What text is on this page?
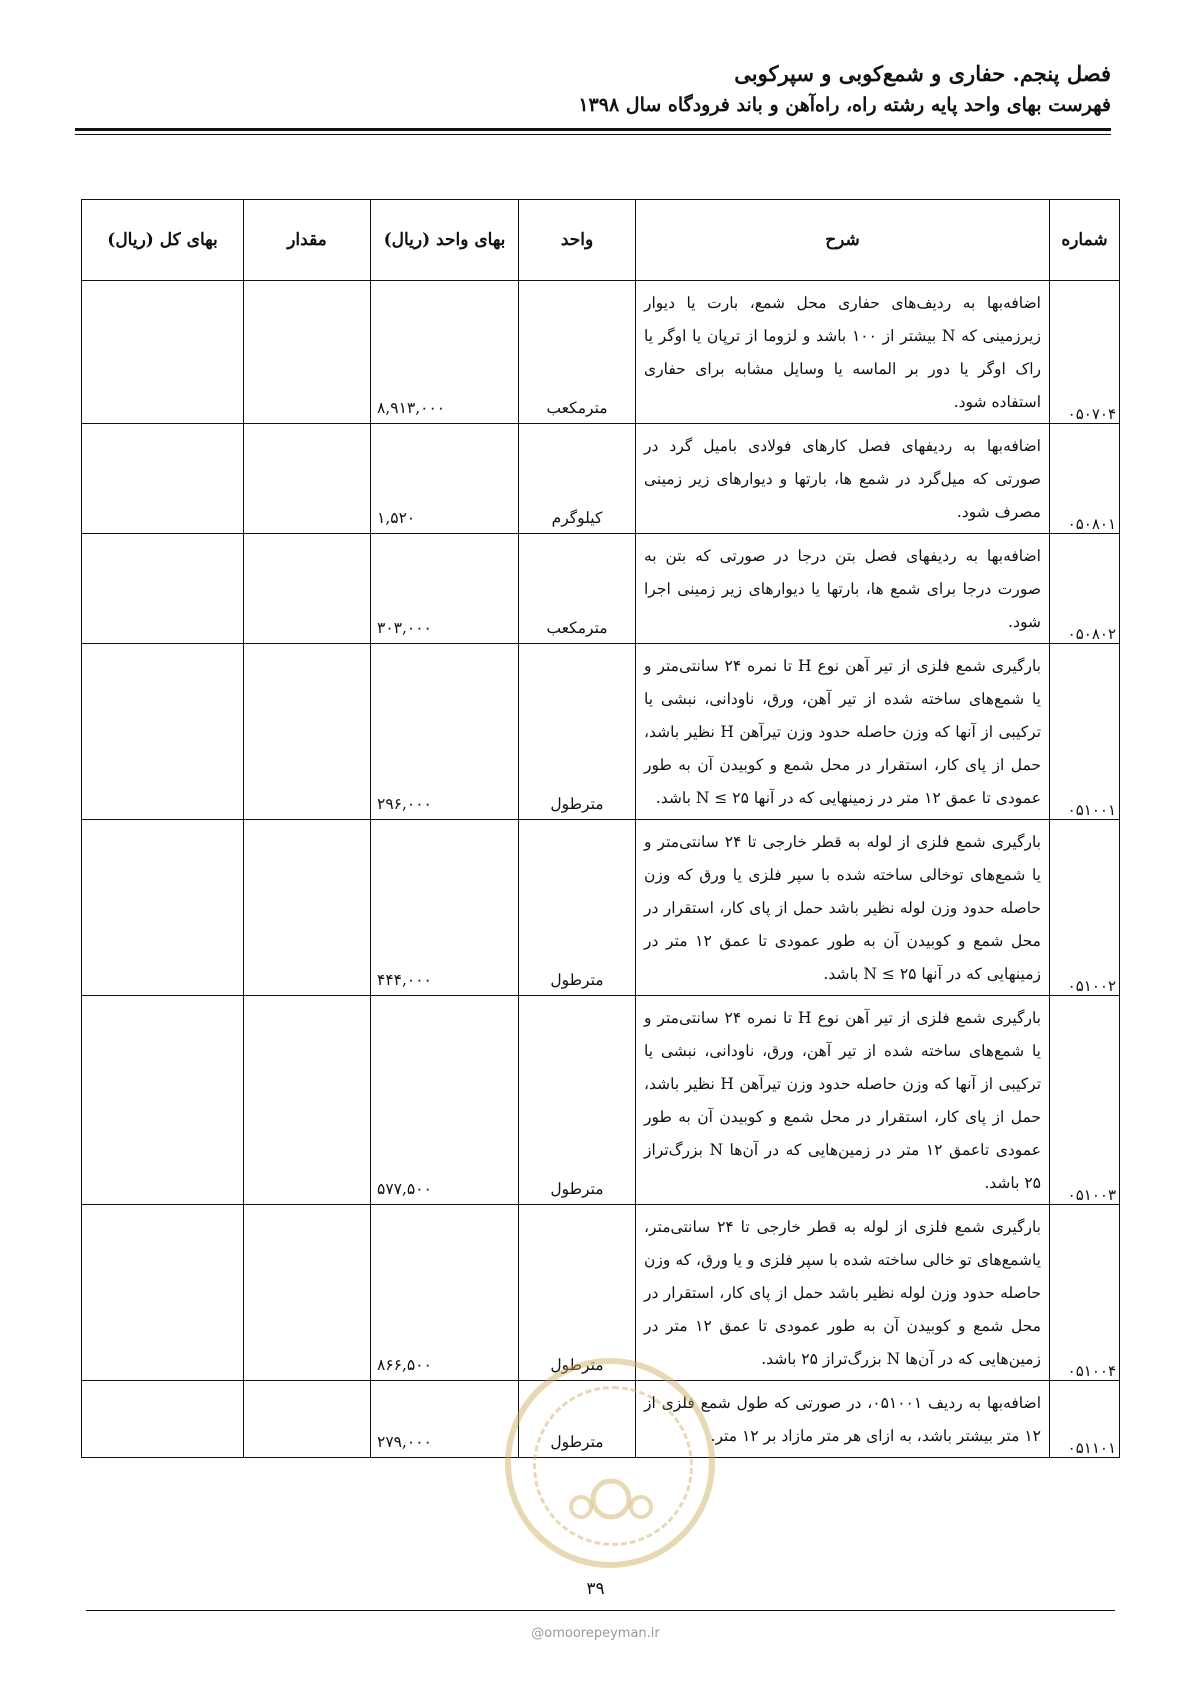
فصل پنجم. حفاری و شمع‌کوبی و سپرکوبی
فهرست بهای واحد پایه رشته راه، راه‌آهن و باند فرودگاه سال ۱۳۹۸
شماره	شرح	واحد	بهای واحد (ریال)	مقدار	بهای کل (ریال)
۰۵۰۷۰۴	اضافه‌بها به ردیف‌های حفاری محل شمع، بارت یا دیوار زیرزمینی که N بیشتر از ۱۰۰ باشد و لزوما از ترپان یا اوگر یا راک اوگر یا دور بر الماسه یا وسایل مشابه برای حفاری استفاده شود.	مترمکعب	۸,۹۱۳,۰۰۰		
۰۵۰۸۰۱	اضافه‌بها به ردیفهای فصل کارهای فولادی بامیل گرد در صورتی که میل‌گرد در شمع ها، بارتها و دیوارهای زیر زمینی مصرف شود.	کیلوگرم	۱,۵۲۰		
۰۵۰۸۰۲	اضافه‌بها به ردیفهای فصل بتن درجا در صورتی که بتن به صورت درجا برای شمع ها، بارتها یا دیوارهای زیر زمینی اجرا شود.	مترمکعب	۳۰۳,۰۰۰		
۰۵۱۰۰۱	بارگیری شمع فلزی از تیر آهن نوع H تا نمره ۲۴ سانتی‌متر و یا شمع‌های ساخته شده از تیر آهن، ورق، ناودانی، نبشی یا ترکیبی از آنها که وزن حاصله حدود وزن تیرآهن H نظیر باشد، حمل از پای کار، استقرار در محل شمع و کوبیدن آن به طور عمودی تا عمق ۱۲ متر در زمینهایی که در آنها ۲۵ ≥ N باشد.	مترطول	۲۹۶,۰۰۰		
۰۵۱۰۰۲	بارگیری شمع فلزی از لوله به قطر خارجی تا ۲۴ سانتی‌متر و یا شمع‌های توخالی ساخته شده با سپر فلزی یا ورق که وزن حاصله حدود وزن لوله نظیر باشد حمل از پای کار، استقرار در محل شمع و کوبیدن آن به طور عمودی تا عمق ۱۲ متر در زمینهایی که در آنها ۲۵ ≥ N باشد.	مترطول	۴۴۴,۰۰۰		
۰۵۱۰۰۳	بارگیری شمع فلزی از تیر آهن نوع H تا نمره ۲۴ سانتی‌متر و یا شمع‌های ساخته شده از تیر آهن، ورق، ناودانی، نبشی یا ترکیبی از آنها که وزن حاصله حدود وزن تیرآهن H نظیر باشد، حمل از پای کار، استقرار در محل شمع و کوبیدن آن به طور عمودی تاعمق ۱۲ متر در زمین‌هایی که در آن‌ها N بزرگ‌تراز ۲۵ باشد.	مترطول	۵۷۷,۵۰۰		
۰۵۱۰۰۴	بارگیری شمع فلزی از لوله به قطر خارجی تا ۲۴ سانتی‌متر، یاشمع‌های تو خالی ساخته شده با سپر فلزی و یا ورق، که وزن حاصله حدود وزن لوله نظیر باشد حمل از پای کار، استقرار در محل شمع و کوبیدن آن به طور عمودی تا عمق ۱۲ متر در زمین‌هایی که در آن‌ها N بزرگ‌تراز ۲۵ باشد.	مترطول	۸۶۶,۵۰۰		
۰۵۱۱۰۱	اضافه‌بها به ردیف ۰۵۱۰۰۱، در صورتی که طول شمع فلزی از ۱۲ متر بیشتر باشد، به ازای هر متر مازاد بر ۱۲ متر.	مترطول	۲۷۹,۰۰۰		
۳۹
@omoorepeyman.ir
